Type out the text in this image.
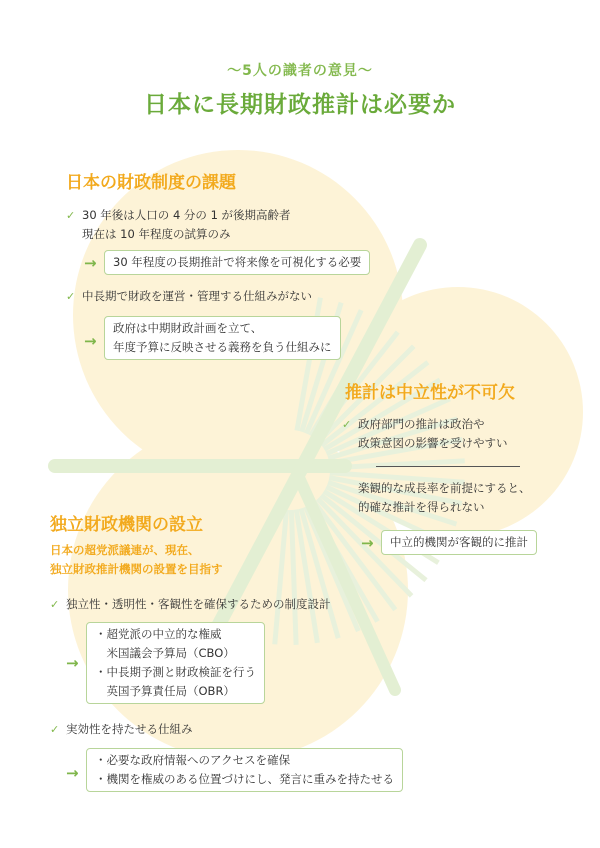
〜5人の識者の意見〜
日本に長期財政推計は必要か
日本の財政制度の課題
✓ 30 年後は人口の 4 分の 1 が後期高齢者
現在は 10 年程度の試算のみ
→ 30 年程度の長期推計で将来像を可視化する必要
✓ 中長期で財政を運営・管理する仕組みがない
→
政府は中期財政計画を立て、
年度予算に反映させる義務を負う仕組みに
推計は中立性が不可欠
✓ 政府部門の推計は政治や
政策意図の影響を受けやすい
楽観的な成長率を前提にすると、
的確な推計を得られない
→ 中立的機関が客観的に推計
独立財政機関の設立
日本の超党派議連が、現在、
独立財政推計機関の設置を目指す
✓ 独立性・透明性・客観性を確保するための制度設計
→
・超党派の中立的な権威
　米国議会予算局（CBO）
・中長期予測と財政検証を行う
　英国予算責任局（OBR）
✓ 実効性を持たせる仕組み
→
・必要な政府情報へのアクセスを確保
・機関を権威のある位置づけにし、発言に重みを持たせる
